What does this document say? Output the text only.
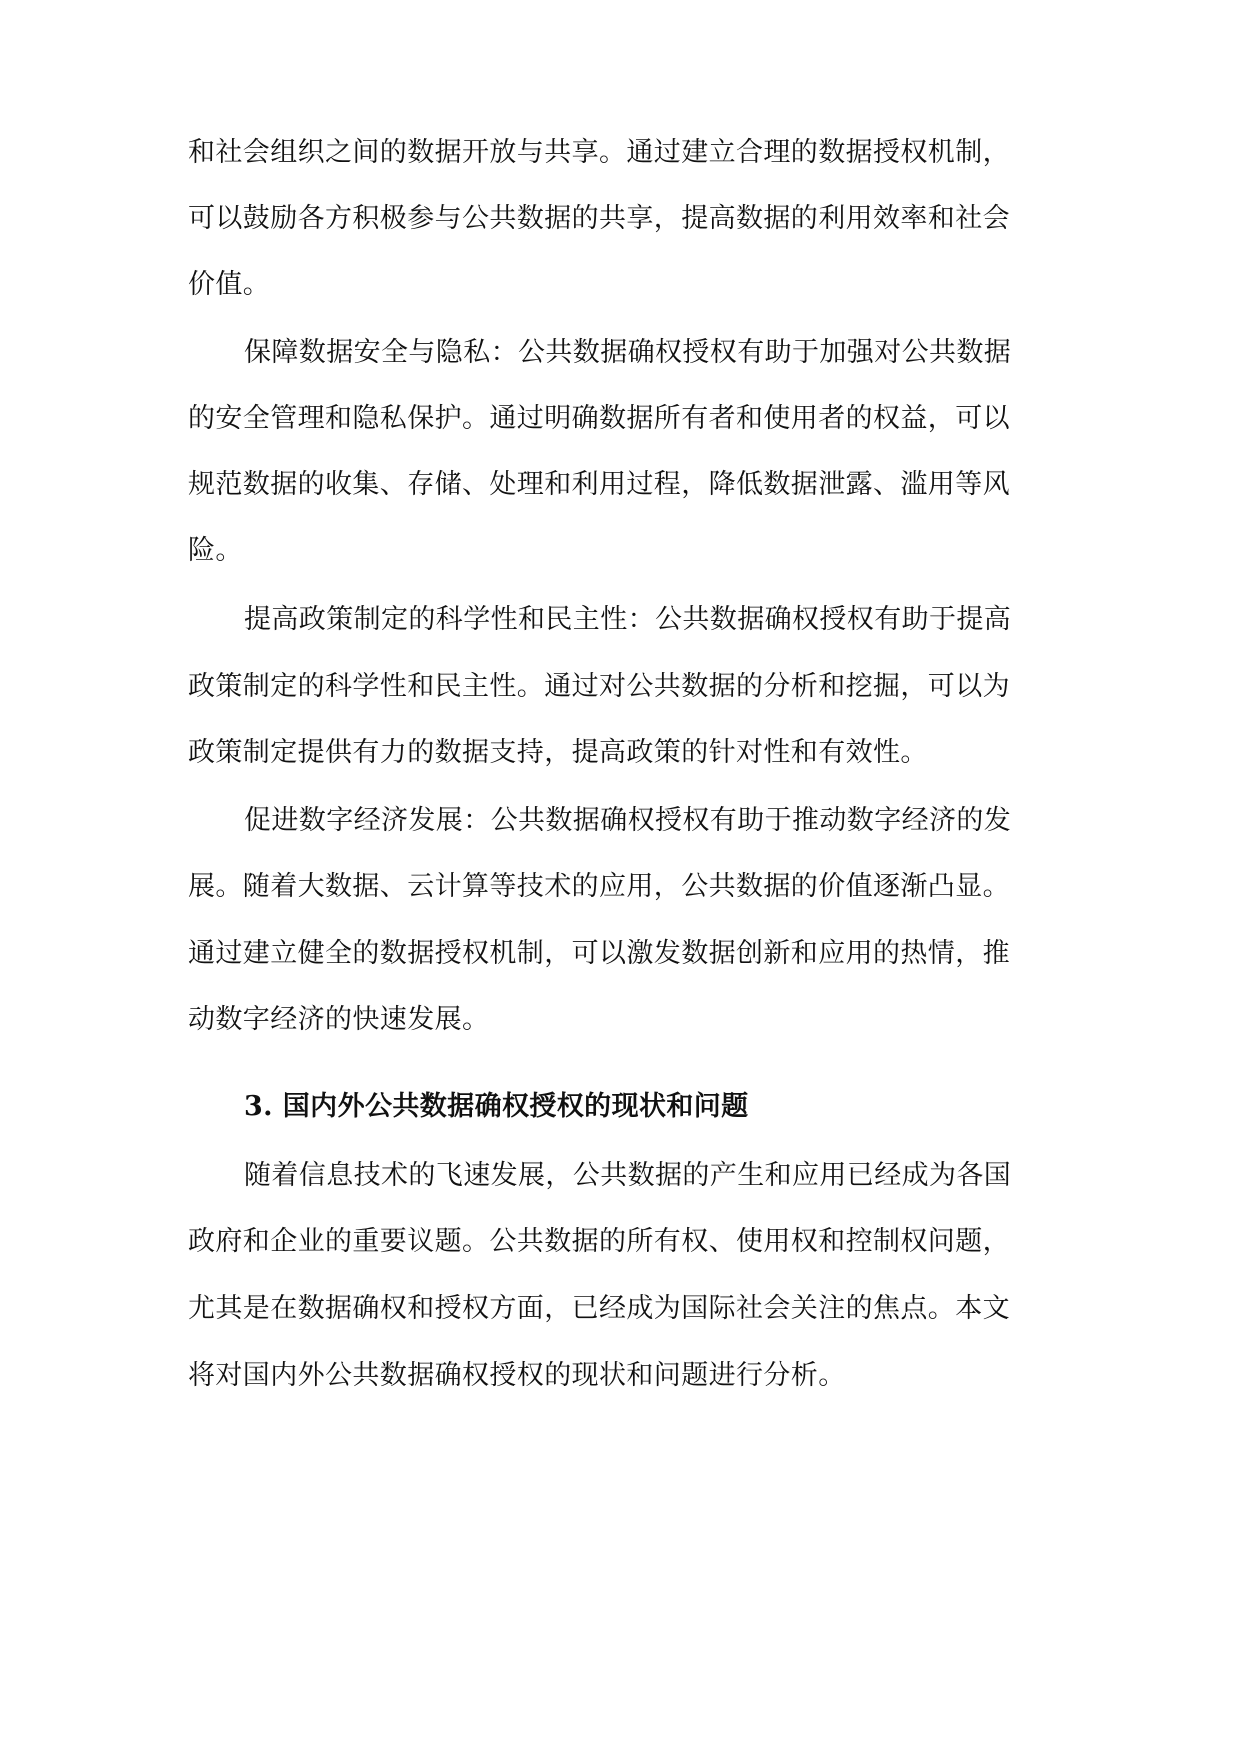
和社会组织之间的数据开放与共享。通过建立合理的数据授权机制，
可以鼓励各方积极参与公共数据的共享，提高数据的利用效率和社会
价值。
保障数据安全与隐私：公共数据确权授权有助于加强对公共数据
的安全管理和隐私保护。通过明确数据所有者和使用者的权益，可以
规范数据的收集、存储、处理和利用过程，降低数据泄露、滥用等风
险。
提高政策制定的科学性和民主性：公共数据确权授权有助于提高
政策制定的科学性和民主性。通过对公共数据的分析和挖掘，可以为
政策制定提供有力的数据支持，提高政策的针对性和有效性。
促进数字经济发展：公共数据确权授权有助于推动数字经济的发
展。随着大数据、云计算等技术的应用，公共数据的价值逐渐凸显。
通过建立健全的数据授权机制，可以激发数据创新和应用的热情，推
动数字经济的快速发展。
3. 国内外公共数据确权授权的现状和问题
随着信息技术的飞速发展，公共数据的产生和应用已经成为各国
政府和企业的重要议题。公共数据的所有权、使用权和控制权问题，
尤其是在数据确权和授权方面，已经成为国际社会关注的焦点。本文
将对国内外公共数据确权授权的现状和问题进行分析。
